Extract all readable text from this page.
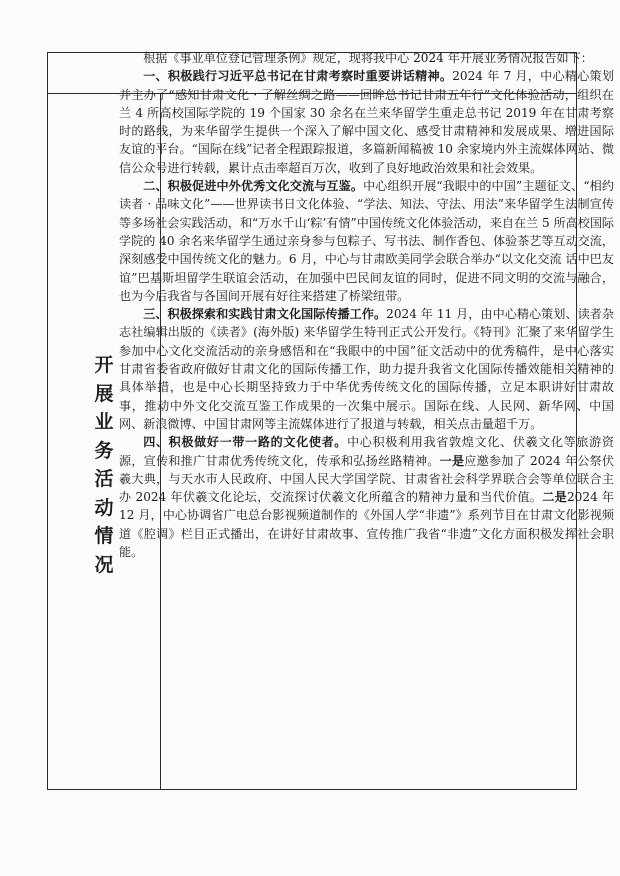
开展业务活动情况

根据《事业单位登记管理条例》规定，现将我中心 2024 年开展业务情况报告如下：

一、积极践行习近平总书记在甘肃考察时重要讲话精神。2024 年 7 月，中心精心策划并主办了“感知甘肃文化 · 了解丝绸之路——回眸总书记甘肃五年行”文化体验活动，组织在兰 4 所高校国际学院的 19 个国家 30 余名在兰来华留学生重走总书记 2019 年在甘肃考察时的路线，为来华留学生提供一个深入了解中国文化、感受甘肃精神和发展成果、增进国际友谊的平台。“国际在线”记者全程跟踪报道，多篇新闻稿被 10 余家境内外主流媒体网站、微信公众号进行转载，累计点击率超百万次，收到了良好地政治效果和社会效果。

二、积极促进中外优秀文化交流与互鉴。中心组织开展“我眼中的中国”主题征文、“相约读者 · 品味文化”——世界读书日文化体验、“学法、知法、守法、用法”来华留学生法制宣传等多场社会实践活动，和“万水千山‘粽’有情”中国传统文化体验活动，来自在兰 5 所高校国际学院的 40 余名来华留学生通过亲身参与包粽子、写书法、制作香包、体验茶艺等互动交流，深刻感受中国传统文化的魅力。6 月，中心与甘肃欧美同学会联合举办“以文化交流 话中巴友谊”巴基斯坦留学生联谊会活动，在加强中巴民间友谊的同时，促进不同文明的交流与融合，也为今后我省与各国间开展有好往来搭建了桥梁纽带。

三、积极探索和实践甘肃文化国际传播工作。2024 年 11 月，由中心精心策划、读者杂志社编辑出版的《读者》(海外版) 来华留学生特刊正式公开发行。《特刊》汇聚了来华留学生参加中心文化交流活动的亲身感悟和在“我眼中的中国”征文活动中的优秀稿件，是中心落实甘肃省委省政府做好甘肃文化的国际传播工作，助力提升我省文化国际传播效能相关精神的具体举措，也是中心长期坚持致力于中华优秀传统文化的国际传播，立足本职讲好甘肃故事，推动中外文化交流互鉴工作成果的一次集中展示。国际在线、人民网、新华网、中国网、新浪微博、中国甘肃网等主流媒体进行了报道与转载，相关点击量超千万。

四、积极做好一带一路的文化使者。中心积极利用我省敦煌文化、伏羲文化等旅游资源，宣传和推广甘肃优秀传统文化，传承和弘扬丝路精神。一是应邀参加了 2024 年公祭伏羲大典，与天水市人民政府、中国人民大学国学院、甘肃省社会科学界联合会等单位联合主办 2024 年伏羲文化论坛，交流探讨伏羲文化所蕴含的精神力量和当代价值。二是2024 年 12 月，中心协调省广电总台影视频道制作的《外国人学“非遗”》系列节目在甘肃文化影视频道《腔调》栏目正式播出，在讲好甘肃故事、宣传推广我省“非遗”文化方面积极发挥社会职能。
